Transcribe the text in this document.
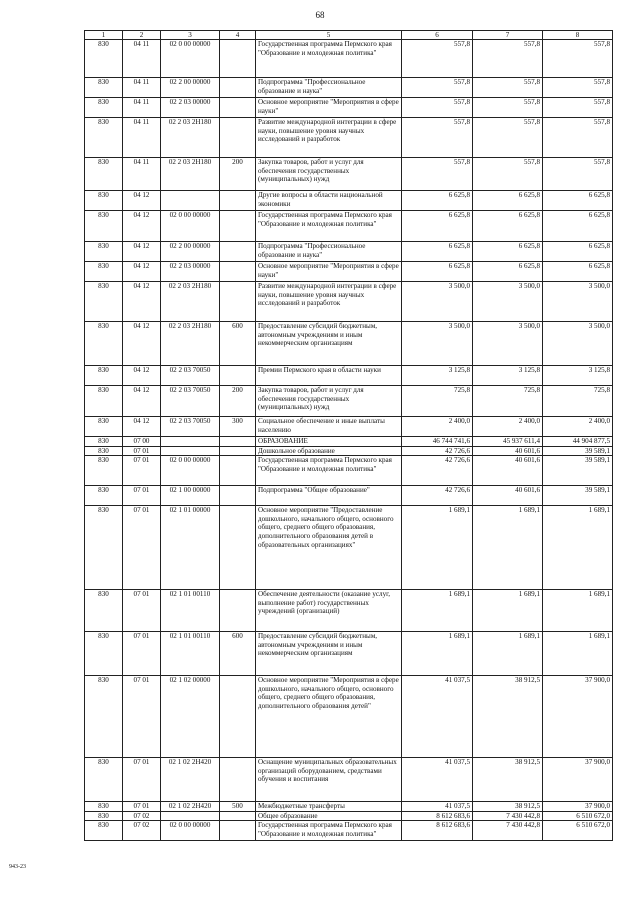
68
1	2	3	4	5	6	7	8
830	04 11	02 0 00 00000		Государственная программа Пермского края "Образование и молодежная политика"	557,8	557,8	557,8
830	04 11	02 2 00 00000		Подпрограмма "Профессиональное образование и наука"	557,8	557,8	557,8
830	04 11	02 2 03 00000		Основное мероприятие "Мероприятия в сфере науки"	557,8	557,8	557,8
830	04 11	02 2 03 2Н180		Развитие международной интеграции в сфере науки, повышение уровня научных исследований и разработок	557,8	557,8	557,8
830	04 11	02 2 03 2Н180	200	Закупка товаров, работ и услуг для обеспечения государственных (муниципальных) нужд	557,8	557,8	557,8
830	04 12			Другие вопросы в области национальной экономики	6 625,8	6 625,8	6 625,8
830	04 12	02 0 00 00000		Государственная программа Пермского края "Образование и молодежная политика"	6 625,8	6 625,8	6 625,8
830	04 12	02 2 00 00000		Подпрограмма "Профессиональное образование и наука"	6 625,8	6 625,8	6 625,8
830	04 12	02 2 03 00000		Основное мероприятие "Мероприятия в сфере науки"	6 625,8	6 625,8	6 625,8
830	04 12	02 2 03 2Н180		Развитие международной интеграции в сфере науки, повышение уровня научных исследований и разработок	3 500,0	3 500,0	3 500,0
830	04 12	02 2 03 2Н180	600	Предоставление субсидий бюджетным, автономным учреждениям и иным некоммерческим организациям	3 500,0	3 500,0	3 500,0
830	04 12	02 2 03 70050		Премии Пермского края в области науки	3 125,8	3 125,8	3 125,8
830	04 12	02 2 03 70050	200	Закупка товаров, работ и услуг для обеспечения государственных (муниципальных) нужд	725,8	725,8	725,8
830	04 12	02 2 03 70050	300	Социальное обеспечение и иные выплаты населению	2 400,0	2 400,0	2 400,0
830	07 00			ОБРАЗОВАНИЕ	46 744 741,6	45 937 611,4	44 904 877,5
830	07 01			Дошкольное образование	42 726,6	40 601,6	39 589,1
830	07 01	02 0 00 00000		Государственная программа Пермского края "Образование и молодежная политика"	42 726,6	40 601,6	39 589,1
830	07 01	02 1 00 00000		Подпрограмма "Общее образование"	42 726,6	40 601,6	39 589,1
830	07 01	02 1 01 00000		Основное мероприятие "Предоставление дошкольного, начального общего, основного общего, среднего общего образования, дополнительного образования детей в образовательных организациях"	1 689,1	1 689,1	1 689,1
830	07 01	02 1 01 00110		Обеспечение деятельности (оказание услуг, выполнение работ) государственных учреждений (организаций)	1 689,1	1 689,1	1 689,1
830	07 01	02 1 01 00110	600	Предоставление субсидий бюджетным, автономным учреждениям и иным некоммерческим организациям	1 689,1	1 689,1	1 689,1
830	07 01	02 1 02 00000		Основное мероприятие "Мероприятия в сфере дошкольного, начального общего, основного общего, среднего общего образования, дополнительного образования детей"	41 037,5	38 912,5	37 900,0
830	07 01	02 1 02 2Н420		Оснащение муниципальных образовательных организаций оборудованием, средствами обучения и воспитания	41 037,5	38 912,5	37 900,0
830	07 01	02 1 02 2Н420	500	Межбюджетные трансферты	41 037,5	38 912,5	37 900,0
830	07 02			Общее образование	8 612 683,6	7 430 442,8	6 510 672,0
830	07 02	02 0 00 00000		Государственная программа Пермского края "Образование и молодежная политика"	8 612 683,6	7 430 442,8	6 510 672,0
943-23
